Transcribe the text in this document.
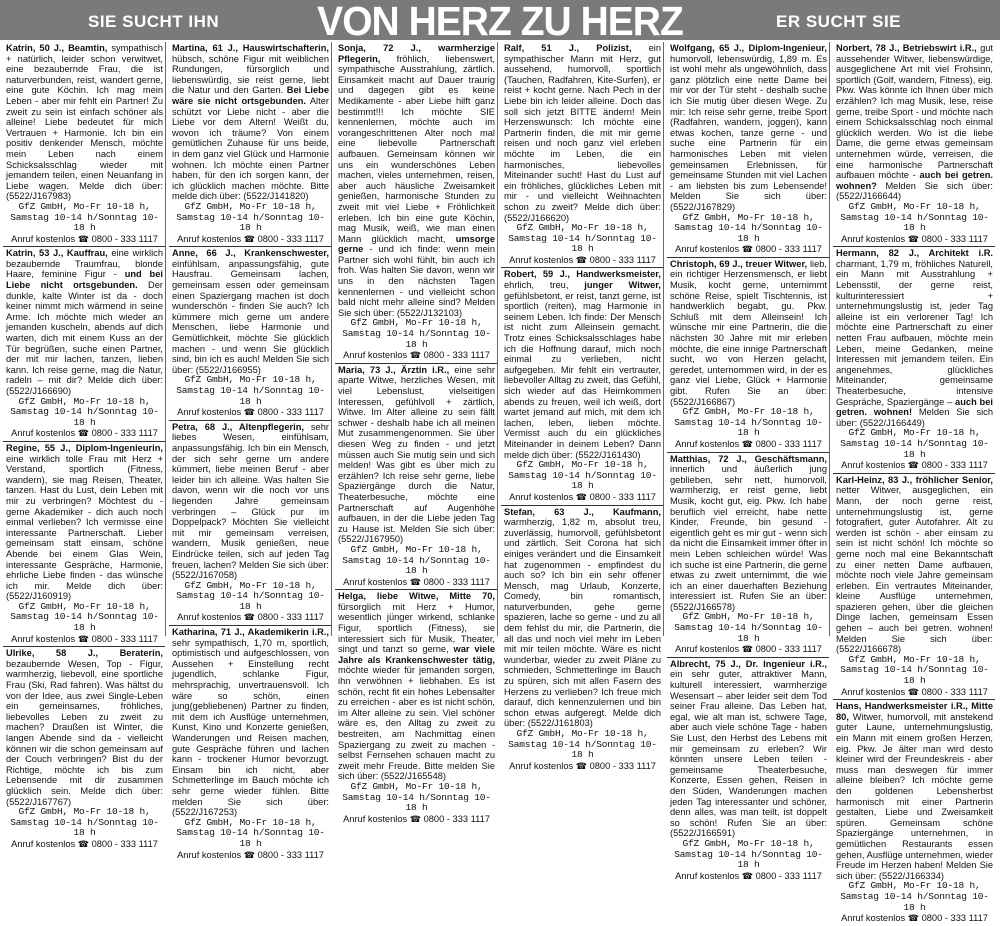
SIE SUCHT IHN VON HERZ ZU HERZ	ER SUCHT SIE
Katrin, 50 J., Beamtin, sympathisch + natürlich, leider schon verwitwet, eine bezaubernde Frau, die ist naturverbunden, reist, wandert gerne, eine gute Köchin. Ich mag mein Leben - aber mir fehlt ein Partner! Zu zweit zu sein ist einfach schöner als alleine! Liebe bedeutet für mich Vertrauen + Harmonie. Ich bin ein positiv denkender Mensch, möchte mein Leben nach einem Schicksalsschlag wieder mit jemandem teilen, einen Neuanfang in Liebe wagen. Melde dich über: (5522/J167983)
GfZ GmbH, Mo-Fr 10-18 h,
Samstag 10-14 h/Sonntag 10-18 h
Anruf kostenlos ☎ 0800 - 333 1117
Katrin, 53 J., Kauffrau, eine wirklich bezaubernde Traumfrau, blonde Haare, feminine Figur - und bei Liebe nicht ortsgebunden. Der dunkle, kalte Winter ist da - doch keiner nimmt mich wärmend in seine Arme. Ich möchte mich wieder an jemanden kuscheln, abends auf dich warten, dich mit einem Kuss an der Tür begrüßen, suche einen Partner, der mit mir lachen, tanzen, lieben kann. Ich reise gerne, mag die Natur, radeln – mit dir? Melde dich über: (5522/J166690)
GfZ GmbH, Mo-Fr 10-18 h,
Samstag 10-14 h/Sonntag 10-18 h
Anruf kostenlos ☎ 0800 - 333 1117
Regine, 55 J., Diplom-Ingenieurin, eine wirklich tolle Frau mit Herz + Verstand, sportlich (Fitness, wandern), sie mag Reisen, Theater, tanzen. Hast du Lust, dein Leben mit mir zu verbringen? Möchtest du - gerne Akademiker - dich auch noch einmal verlieben? Ich vermisse eine interessante Partnerschaft. Lieber gemeinsam statt einsam, schöne Abende bei einem Glas Wein, interessante Gespräche, Harmonie, ehrliche Liebe finden - das wünsche ich mir. Melde dich über: (5522/J160919)
GfZ GmbH, Mo-Fr 10-18 h,
Samstag 10-14 h/Sonntag 10-18 h
Anruf kostenlos ☎ 0800 - 333 1117
Ulrike, 58 J., Beraterin, bezaubernde Wesen, Top - Figur, warmherzig, liebevoll, eine sportliche Frau (Ski, Rad fahren). Was hältst du von der Idee, aus zwei Single-Leben ein gemeinsames, fröhliches, liebevolles Leben zu zweit zu machen? Draußen ist Winter, die langen Abende sind da - vielleicht können wir die schon gemeinsam auf der Couch verbringen? Bist du der Richtige, möchte ich bis zum Lebensende mit dir zusammen glücklich sein. Melde dich über: (5522/J167767)
GfZ GmbH, Mo-Fr 10-18 h,
Samstag 10-14 h/Sonntag 10-18 h
Anruf kostenlos ☎ 0800 - 333 1117
Martina, 61 J., Hauswirtschafterin, hübsch, schöne Figur mit weiblichen Rundungen, fürsorglich und liebenswürdig, sie reist gerne, liebt die Natur und den Garten. Bei Liebe wäre sie nicht ortsgebunden. Alter schützt vor Liebe nicht - aber die Liebe vor dem Altern! Weißt du, wovon ich träume? Von einem gemütlichen Zuhause für uns beide, in dem ganz viel Glück und Harmonie wohnen. Ich möchte einen Partner haben, für den ich sorgen kann, der ich glücklich machen möchte. Bitte melde dich über: (5522/J141820)
GfZ GmbH, Mo-Fr 10-18 h,
Samstag 10-14 h/Sonntag 10-18 h
Anruf kostenlos ☎ 0800 - 333 1117
Anne, 66 J., Krankenschwester, einfühlsam, anpassungsfähig, gute Hausfrau. Gemeinsam lachen, gemeinsam essen oder gemeinsam einen Spaziergang machen ist doch wunderschön - finden Sie auch? Ich kümmere mich gerne um andere Menschen, liebe Harmonie und Gemütlichkeit, möchte Sie glücklich machen - und wenn Sie glücklich sind, bin ich es auch! Melden Sie sich über: (5522/J166955)
GfZ GmbH, Mo-Fr 10-18 h,
Samstag 10-14 h/Sonntag 10-18 h
Anruf kostenlos ☎ 0800 - 333 1117
Petra, 68 J., Altenpflegerin, sehr liebes Wesen, einfühlsam, anpassungsfähig. Ich bin ein Mensch, der sich sehr gerne um andere kümmert, liebe meinen Beruf - aber leider bin ich alleine. Was halten Sie davon, wenn wir die noch vor uns liegenden Jahre gemeinsam verbringen – Glück pur im Doppelpack? Möchten Sie vielleicht mit mir gemeinsam verreisen, wandern, Musik genießen, neue Eindrücke teilen, sich auf jeden Tag freuen, lachen? Melden Sie sich über: (5522/J167058)
GfZ GmbH, Mo-Fr 10-18 h,
Samstag 10-14 h/Sonntag 10-18 h
Anruf kostenlos ☎ 0800 - 333 1117
Katharina, 71 J., Akademikerin i.R., sehr sympathisch, 1,70 m, sportlich, optimistisch und aufgeschlossen, von Aussehen + Einstellung recht jugendlich, schlanke Figur, mehrsprachig, unvertrauensvoll. Ich wäre so schön, einen jung(gebliebenen) Partner zu finden, mit dem ich Ausflüge unternehmen, Kunst, Kino und Konzerte genießen, Wanderungen und Reisen machen, gute Gespräche führen und lachen kann - trockener Humor bevorzugt. Einsam bin ich nicht, aber Schmetterlinge im Bauch möchte ich sehr gerne wieder fühlen. Bitte melden Sie sich über: (5522/J167253)
GfZ GmbH, Mo-Fr 10-18 h,
Samstag 10-14 h/Sonntag 10-18 h
Anruf kostenlos ☎ 0800 - 333 1117
Sonja, 72 J., warmherzige Pflegerin, fröhlich, liebenswert, sympathische Ausstrahlung, zärtlich. Einsamkeit macht auf Dauer traurig und dagegen gibt es keine Medikamente - aber Liebe hilft ganz bestimmt!!! Ich möchte SIE kennenlernen, möchte auch im vorangeschrittenen Alter noch mal eine liebevolle Partnerschaft aufbauen. Gemeinsam können wir uns ein wunderschönes Leben machen, vieles unternehmen, reisen, aber auch häusliche Zweisamkeit genießen, harmonische Stunden zu zweit mit viel Liebe + Fröhlichkeit erleben. Ich bin eine gute Köchin, mag Musik, weiß, wie man einen Mann glücklich macht, umsorge gerne - und ich finde: wenn mein Partner sich wohl fühlt, bin auch ich froh. Was halten Sie davon, wenn wir uns in den nächsten Tagen kennenlernen - und vielleicht schon bald nicht mehr alleine sind? Melden Sie sich über: (5522/J132103)
GfZ GmbH, Mo-Fr 10-18 h,
Samstag 10-14 h/Sonntag 10-18 h
Anruf kostenlos ☎ 0800 - 333 1117
Maria, 73 J., Ärztin i.R., eine sehr aparte Witwe, herzliches Wesen, mit viel Lebenslust, vielseitigen Interessen, gefühlvoll + zärtlich, Witwe. Im Alter alleine zu sein fällt schwer - deshalb habe ich all meinen Mut zusammengenommen. Sie über diesen Weg zu finden - und jetzt müssen auch Sie mutig sein und sich melden! Was gibt es über mich zu erzählen? Ich reise sehr gerne, liebe Spaziergänge durch die Natur, Theaterbesuche, möchte eine Partnerschaft auf Augenhöhe aufbauen, in der die Liebe jeden Tag zu Hause ist. Melden Sie sich über: (5522/J167950)
GfZ GmbH, Mo-Fr 10-18 h,
Samstag 10-14 h/Sonntag 10-18 h
Anruf kostenlos ☎ 0800 - 333 1117
Helga, liebe Witwe, Mitte 70, fürsorglich mit Herz + Humor, wesentlich jünger wirkend, schlanke Figur, sportlich (Fitness), sie interessiert sich für Musik, Theater, singt und tanzt so gerne, war viele Jahre als Krankenschwester tätig, möchte wieder für jemanden sorgen, ihn verwöhnen + liebhaben. Es ist schön, recht fit ein hohes Lebensalter zu erreichen - aber es ist nicht schön, im Alter alleine zu sein. Viel schöner wäre es, den Alltag zu zweit zu bestreiten, am Nachmittag einen Spaziergang zu zweit zu machen - selbst Fernsehen schauen macht zu zweit mehr Freude. Bitte melden Sie sich über: (5522/J165548)
GfZ GmbH, Mo-Fr 10-18 h,
Samstag 10-14 h/Sonntag 10-18 h
Anruf kostenlos ☎ 0800 - 333 1117
Ralf, 51 J., Polizist, ein sympathischer Mann mit Herz, gut aussehend, humorvoll, sportlich (Tauchen, Radfahren, Kite-Surfen), er reist + kocht gerne. Nach Pech in der Liebe bin ich leider alleine. Doch das soll sich jetzt BITTE ändern! Mein Herzenswunsch: Ich möchte eine Partnerin finden, die mit mir gerne reisen und noch ganz viel erleben möchte im Leben, die ein harmonisches, liebevolles Miteinander sucht! Hast du Lust auf ein fröhliches, glückliches Leben mit mir - und vielleicht Weihnachten schon zu zweit? Melde dich über: (5522/J166620)
GfZ GmbH, Mo-Fr 10-18 h,
Samstag 10-14 h/Sonntag 10-18 h
Anruf kostenlos ☎ 0800 - 333 1117
Robert, 59 J., Handwerksmeister, ehrlich, treu, junger Witwer, gefühlsbetont, er reist, tanzt gerne, ist sportlich (reiten), mag Harmonie in seinem Leben. Ich finde: Der Mensch ist nicht zum Alleinsein gemacht. Trotz eines Schicksalsschlages habe ich die Hoffnung darauf, mich noch einmal zu verlieben, nicht aufgegeben. Mir fehlt ein vertrauter, liebevoller Alltag zu zweit, das Gefühl, sich wieder auf das Heimkommen abends zu freuen, weil ich weiß, dort wartet jemand auf mich, mit dem ich lachen, leben, lieben möchte. Vermisst auch du ein glückliches Miteinander in deinem Leben? Dann melde dich über: (5522/J161430)
GfZ GmbH, Mo-Fr 10-18 h,
Samstag 10-14 h/Sonntag 10-18 h
Anruf kostenlos ☎ 0800 - 333 1117
Stefan, 63 J., Kaufmann, warmherzig, 1,82 m, absolut treu, zuverlässig, humorvoll, gefühlsbetont und zärtlich. Seit Corona hat sich einiges verändert und die Einsamkeit hat zugenommen - empfindest du auch so? Ich bin ein sehr offener Mensch, mag Urlaub, Konzerte, Comedy, bin romantisch, naturverbunden, gehe gerne spazieren, lache so gerne - und zu all dem fehlst du mir, die Partnerin, die all das und noch viel mehr im Leben mit mir teilen möchte. Wäre es nicht wunderbar, wieder zu zweit Pläne zu schmieden, Schmetterlinge im Bauch zu spüren, sich mit allen Fasern des Herzens zu verlieben? Ich freue mich darauf, dich kennenzulernen und bin schon etwas aufgeregt. Melde dich über: (5522/J161803)
GfZ GmbH, Mo-Fr 10-18 h,
Samstag 10-14 h/Sonntag 10-18 h
Anruf kostenlos ☎ 0800 - 333 1117
Wolfgang, 65 J., Diplom-Ingenieur, humorvoll, lebenswürdig, 1,89 m. Es ist wohl mehr als ungewöhnlich, dass ganz plötzlich eine nette Dame bei mir vor der Tür steht - deshalb suche ich Sie mutig über diesen Wege. Zu mir: Ich reise sehr gerne, treibe Sport (Radfahren, wandern, joggen), kann etwas kochen, tanze gerne - und suche eine Partnerin für ein harmonisches Leben mit vielen gemeinsamen Erlebnissen, für gemeinsame Stunden mit viel Lachen - am liebsten bis zum Lebensende! Melden Sie sich über: (5522/J167829)
GfZ GmbH, Mo-Fr 10-18 h,
Samstag 10-14 h/Sonntag 10-18 h
Anruf kostenlos ☎ 0800 - 333 1117
Christoph, 69 J., treuer Witwer, lieb, ein richtiger Herzensmensch, er liebt Musik, kocht gerne, unternimmt schöne Reise, spielt Tischtennis, ist handwerklich begabt, gu. Pkw. Schluß mit dem Alleinsein! Ich wünsche mir eine Partnerin, die die nächsten 30 Jahre mit mir erleben möchte, die eine innige Partnerschaft sucht, wo von Herzen gelacht, geredet, unternommen wird, in der es ganz viel Liebe, Glück + Harmonie gibt. Rufen Sie an über: (5522/J166867)
GfZ GmbH, Mo-Fr 10-18 h,
Samstag 10-14 h/Sonntag 10-18 h
Anruf kostenlos ☎ 0800 - 333 1117
Matthias, 72 J., Geschäftsmann, innerlich und äußerlich jung geblieben, sehr nett, humorvoll, warmherzig, er reist gerne, liebt Musik, kocht gut, eig. Pkw. Ich habe beruflich viel erreicht, habe nette Kinder, Freunde, bin gesund - eigentlich geht es mir gut - wenn sich da nicht die Einsamkeit immer öfter in mein Leben schleichen würde! Was ich suche ist eine Partnerin, die gerne etwas zu zweit unternimmt, die wie ich an einer dauerhaften Beziehung interessiert ist. Rufen Sie an über: (5522/J166578)
GfZ GmbH, Mo-Fr 10-18 h,
Samstag 10-14 h/Sonntag 10-18 h
Anruf kostenlos ☎ 0800 - 333 1117
Albrecht, 75 J., Dr. Ingenieur i.R., ein sehr guter, attraktiver Mann, kulturell interessiert, warmherzige Wesensart – aber leider seit dem Tod seiner Frau alleine. Das Leben hat, egal, wie alt man ist, schwere Tage, aber auch viele schöne Tage - haben Sie Lust, den Herbst des Lebens mit mir gemeinsam zu erleben? Wir könnten unsere Leben teilen - gemeinsame Theaterbesuche, Konzerte, Essen gehen, Reisen in den Süden, Wanderungen machen jeden Tag interessanter und schöner, denn alles, was man teilt, ist doppelt so schön! Rufen Sie an über: (5522/J166591)
GfZ GmbH, Mo-Fr 10-18 h,
Samstag 10-14 h/Sonntag 10-18 h
Anruf kostenlos ☎ 0800 - 333 1117
Norbert, 78 J., Betriebswirt i.R., gut aussehender Witwer, liebenswürdige, ausgeglichene Art mit viel Frohsinn, sportlich (Golf, wandern, Fitness), eig. Pkw. Was könnte ich Ihnen über mich erzählen? Ich mag Musik, lese, reise gerne, treibe Sport - und möchte nach einem Schicksalsschlag noch einmal glücklich werden. Wo ist die liebe Dame, die gerne etwas gemeinsam unternehmen würde, verreisen, die eine harmonische Partnerschaft aufbauen möchte - auch bei getren. wohnen? Melden Sie sich über: (5522/J166644)
GfZ GmbH, Mo-Fr 10-18 h,
Samstag 10-14 h/Sonntag 10-18 h
Anruf kostenlos ☎ 0800 - 333 1117
Hermann, 82 J., Architekt i.R. charmant, 1,79 m, fröhliches Naturell, ein Mann mit Ausstrahlung + Lebensstil, der gerne reist, kulturinteressiert + unternehmungslustig ist, jeder Tag alleine ist ein verlorener Tag! Ich möchte eine Partnerschaft zu einer netten Frau aufbauen, möchte mein Leben, meine Gedanken, meine Interessen mit jemandem teilen. Ein angenehmes, glückliches Miteinander, gemeinsame Theaterbesuche, intensive Gespräche, Spaziergänge – auch bei getren. wohnen! Melden Sie sich über: (5522/J166449)
GfZ GmbH, Mo-Fr 10-18 h,
Samstag 10-14 h/Sonntag 10-18 h
Anruf kostenlos ☎ 0800 - 333 1117
Karl-Heinz, 83 J., fröhlicher Senior, netter Witwer, ausgeglichen, ein Mann, der noch gerne reist, unternehmungslustig ist, gerne fotografiert, guter Autofahrer. Alt zu werden ist schön - aber einsam zu sein ist nicht schön! Ich möchte so gerne noch mal eine Bekanntschaft zu einer netten Dame aufbauen, möchte noch viele Jahre gemeinsam erleben. Ein vertrautes Miteinander, kleine Ausflüge unternehmen, spazieren gehen, über die gleichen Dinge lachen, gemeinsam Essen gehen – auch bei getren. wohnen! Melden Sie sich über: (5522/J166678)
GfZ GmbH, Mo-Fr 10-18 h,
Samstag 10-14 h/Sonntag 10-18 h
Anruf kostenlos ☎ 0800 - 333 1117
Hans, Handwerksmeister i.R., Mitte 80, Witwer, humorvoll, mit anstekend guter Laune, unternehmungslustig, ein Mann mit einem großen Herzen, eig. Pkw. Je älter man wird desto kleiner wird der Freundeskreis - aber muss man deswegen für immer alleine bleiben? Ich möchte gerne den goldenen Lebensherbst harmonisch mit einer Partnerin gestalten, Liebe und Zweisamkeit spüren. Gemeinsam schöne Spaziergänge unternehmen, in gemütlichen Restaurants essen gehen, Ausflüge unternehmen, wieder Freude im Herzen haben! Melden Sie sich über: (5522/J166334)
GfZ GmbH, Mo-Fr 10-18 h,
Samstag 10-14 h/Sonntag 10-18 h
Anruf kostenlos ☎ 0800 - 333 1117
